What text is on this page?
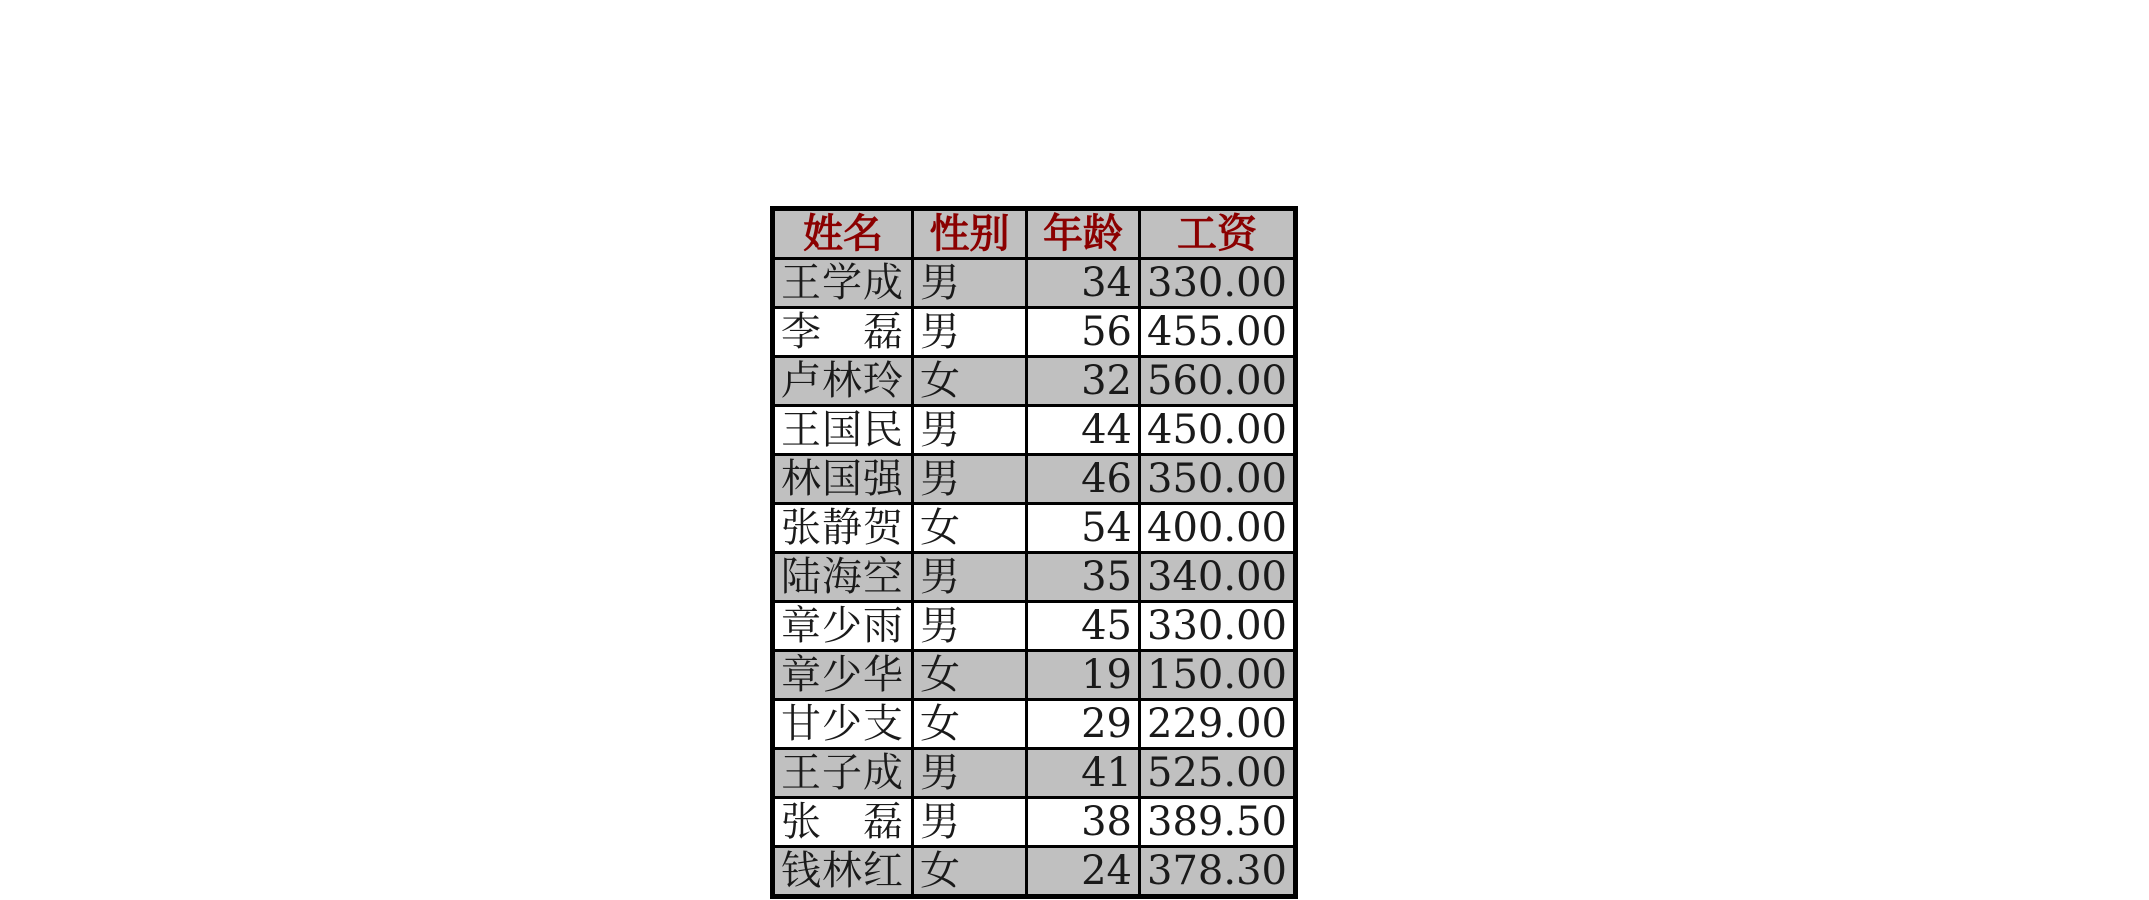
姓名	性别	年龄	工资
王学成	男	34	330.00
李　磊	男	56	455.00
卢林玲	女	32	560.00
王国民	男	44	450.00
林国强	男	46	350.00
张静贺	女	54	400.00
陆海空	男	35	340.00
章少雨	男	45	330.00
章少华	女	19	150.00
甘少支	女	29	229.00
王子成	男	41	525.00
张　磊	男	38	389.50
钱林红	女	24	378.30
